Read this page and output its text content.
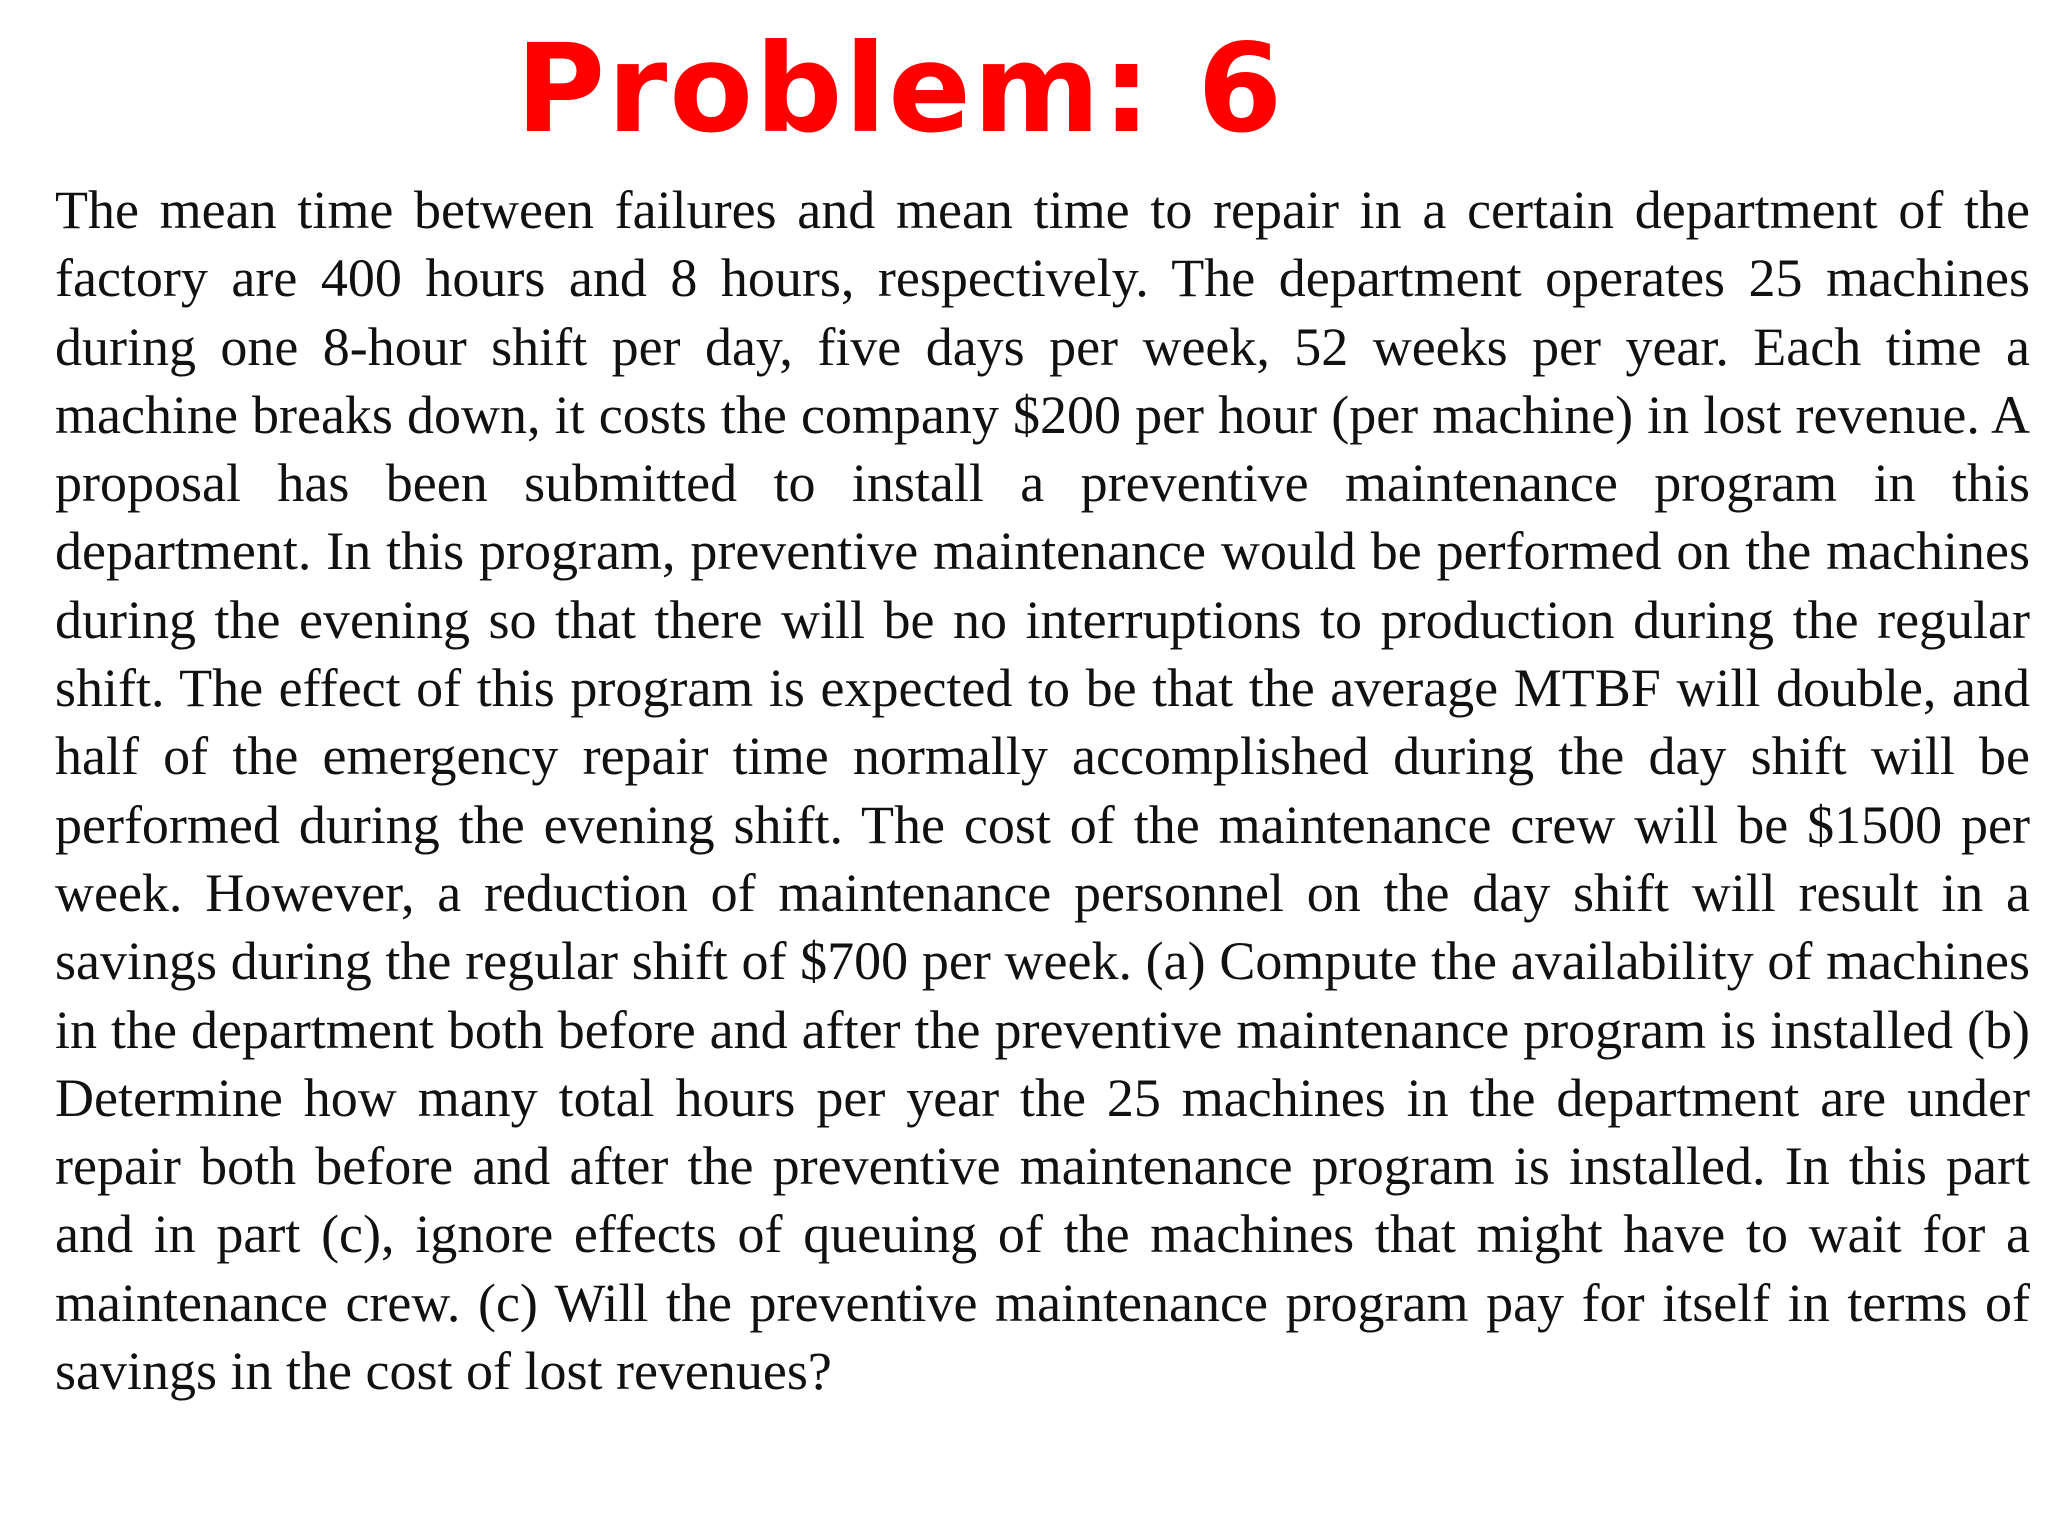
Problem: 6

The mean time between failures and mean time to repair in a certain department of the factory are 400 hours and 8 hours, respectively. The department operates 25 machines during one 8-hour shift per day, five days per week, 52 weeks per year. Each time a machine breaks down, it costs the company $200 per hour (per machine) in lost revenue. A proposal has been submitted to install a preventive maintenance program in this department. In this program, preventive maintenance would be performed on the machines during the evening so that there will be no interruptions to production during the regular shift. The effect of this program is expected to be that the average MTBF will double, and half of the emergency repair time normally accomplished during the day shift will be performed during the evening shift. The cost of the maintenance crew will be $1500 per week. However, a reduction of maintenance personnel on the day shift will result in a savings during the regular shift of $700 per week. (a) Compute the availability of machines in the department both before and after the preventive maintenance program is installed (b) Determine how many total hours per year the 25 machines in the department are under repair both before and after the preventive maintenance program is installed. In this part and in part (c), ignore effects of queuing of the machines that might have to wait for a maintenance crew. (c) Will the preventive maintenance program pay for itself in terms of savings in the cost of lost revenues?
